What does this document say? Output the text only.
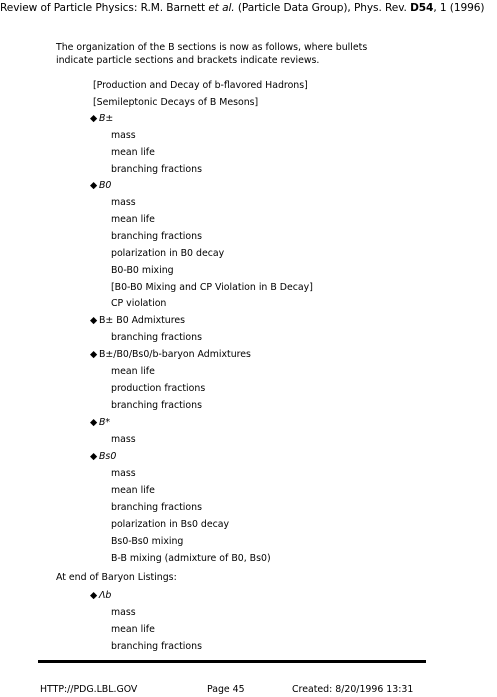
Review of Particle Physics: R.M. Barnett et al. (Particle Data Group), Phys. Rev. D54, 1 (1996)
The organization of the B sections is now as follows, where bullets
indicate particle sections and brackets indicate reviews.
[Production and Decay of b-flavored Hadrons]
[Semileptonic Decays of B Mesons]
◆ B±
mass
mean life
branching fractions
◆ B0
mass
mean life
branching fractions
polarization in B0 decay
B0-B0 mixing
[B0-B0 Mixing and CP Violation in B Decay]
CP violation
◆ B± B0 Admixtures
branching fractions
◆ B±/B0/Bs0/b-baryon Admixtures
mean life
production fractions
branching fractions
◆ B*
mass
◆ Bs0
mass
mean life
branching fractions
polarization in Bs0 decay
Bs0-Bs0 mixing
B-B mixing (admixture of B0, Bs0)
At end of Baryon Listings:
◆ Λb
mass
mean life
branching fractions
HTTP://PDG.LBL.GOV	Page 45	Created: 8/20/1996 13:31
